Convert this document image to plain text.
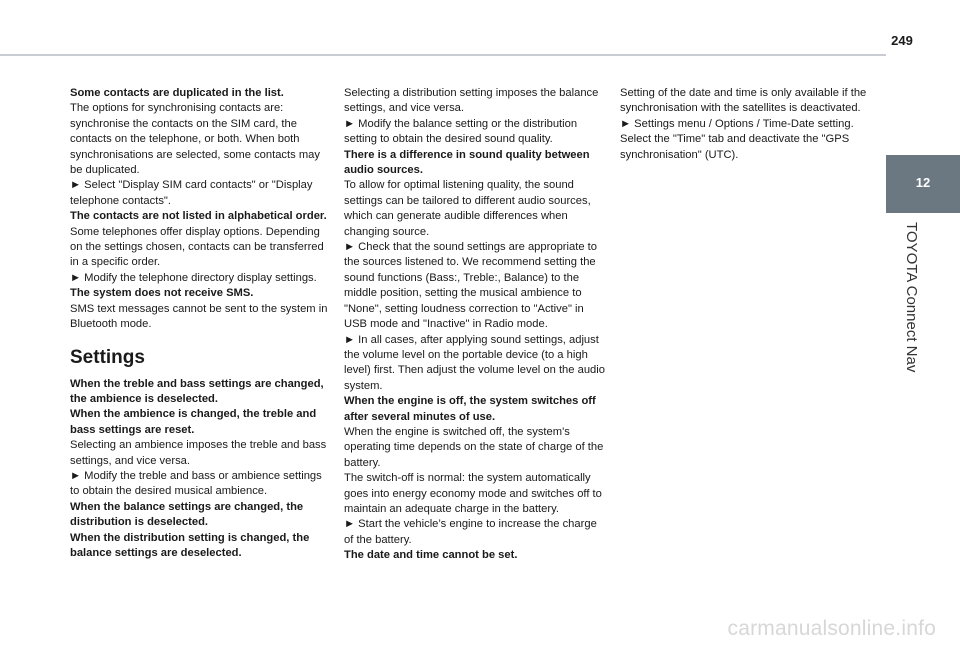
249
12
TOYOTA Connect Nav

Some contacts are duplicated in the list.

The options for synchronising contacts are: synchronise the contacts on the SIM card, the contacts on the telephone, or both. When both synchronisations are selected, some contacts may be duplicated.

► Select "Display SIM card contacts" or "Display telephone contacts".

The contacts are not listed in alphabetical order.

Some telephones offer display options. Depending on the settings chosen, contacts can be transferred in a specific order.

► Modify the telephone directory display settings.

The system does not receive SMS.

SMS text messages cannot be sent to the system in Bluetooth mode.

Settings

When the treble and bass settings are changed, the ambience is deselected.

When the ambience is changed, the treble and bass settings are reset.

Selecting an ambience imposes the treble and bass settings, and vice versa.

► Modify the treble and bass or ambience settings to obtain the desired musical ambience.

When the balance settings are changed, the distribution is deselected.

When the distribution setting is changed, the balance settings are deselected.

Selecting a distribution setting imposes the balance settings, and vice versa.

► Modify the balance setting or the distribution setting to obtain the desired sound quality.

There is a difference in sound quality between audio sources.

To allow for optimal listening quality, the sound settings can be tailored to different audio sources, which can generate audible differences when changing source.

► Check that the sound settings are appropriate to the sources listened to. We recommend setting the sound functions (Bass:, Treble:, Balance) to the middle position, setting the musical ambience to "None", setting loudness correction to "Active" in USB mode and "Inactive" in Radio mode.

► In all cases, after applying sound settings, adjust the volume level on the portable device (to a high level) first. Then adjust the volume level on the audio system.

When the engine is off, the system switches off after several minutes of use.

When the engine is switched off, the system's operating time depends on the state of charge of the battery.

The switch-off is normal: the system automatically goes into energy economy mode and switches off to maintain an adequate charge in the battery.

► Start the vehicle’s engine to increase the charge of the battery.

The date and time cannot be set.

Setting of the date and time is only available if the synchronisation with the satellites is deactivated.

► Settings menu / Options / Time-Date setting. Select the "Time" tab and deactivate the "GPS synchronisation" (UTC).

carmanualsonline.info
